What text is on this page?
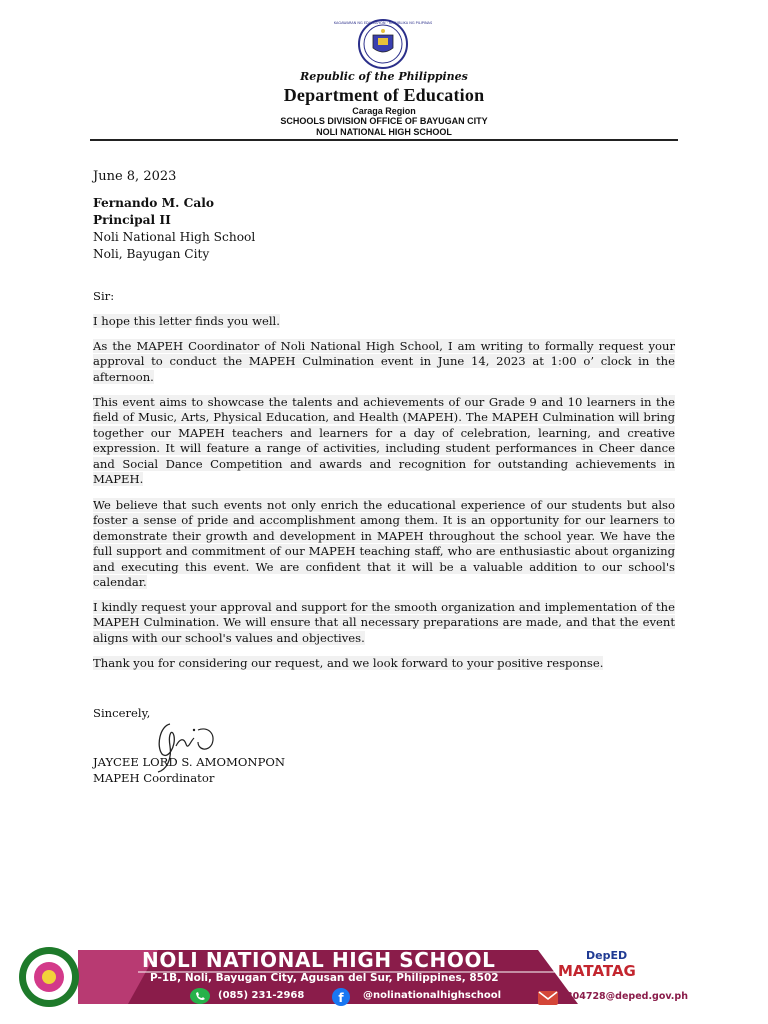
KAGAWARAN NG EDUKASYON · REPUBLIKA NG PILIPINAS
Republic of the Philippines
Department of Education
Caraga Region
SCHOOLS DIVISION OFFICE OF BAYUGAN CITY
NOLI NATIONAL HIGH SCHOOL
June 8, 2023
Fernando M. Calo
Principal II
Noli National High School
Noli, Bayugan City
Sir:
I hope this letter finds you well.
As the MAPEH Coordinator of Noli National High School, I am writing to formally request your approval to conduct the MAPEH Culmination event in June 14, 2023 at 1:00 o’ clock in the afternoon.
This event aims to showcase the talents and achievements of our Grade 9 and 10 learners in the field of Music, Arts, Physical Education, and Health (MAPEH). The MAPEH Culmination will bring together our MAPEH teachers and learners for a day of celebration, learning, and creative expression. It will feature a range of activities, including student performances in Cheer dance and Social Dance Competition and awards and recognition for outstanding achievements in MAPEH.
We believe that such events not only enrich the educational experience of our students but also foster a sense of pride and accomplishment among them. It is an opportunity for our learners to demonstrate their growth and development in MAPEH throughout the school year. We have the full support and commitment of our MAPEH teaching staff, who are enthusiastic about organizing and executing this event. We are confident that it will be a valuable addition to our school's calendar.
I kindly request your approval and support for the smooth organization and implementation of the MAPEH Culmination. We will ensure that all necessary preparations are made, and that the event aligns with our school's values and objectives.
Thank you for considering our request, and we look forward to your positive response.
Sincerely,
JAYCEE LORD S. AMOMONPON
MAPEH Coordinator
NOLI NATIONAL HIGH SCHOOL
P-1B, Noli, Bayugan City, Agusan del Sur, Philippines, 8502
(085) 231-2968	f @nolinationalhighschool
DepED
MATATAG
304728@deped.gov.ph
